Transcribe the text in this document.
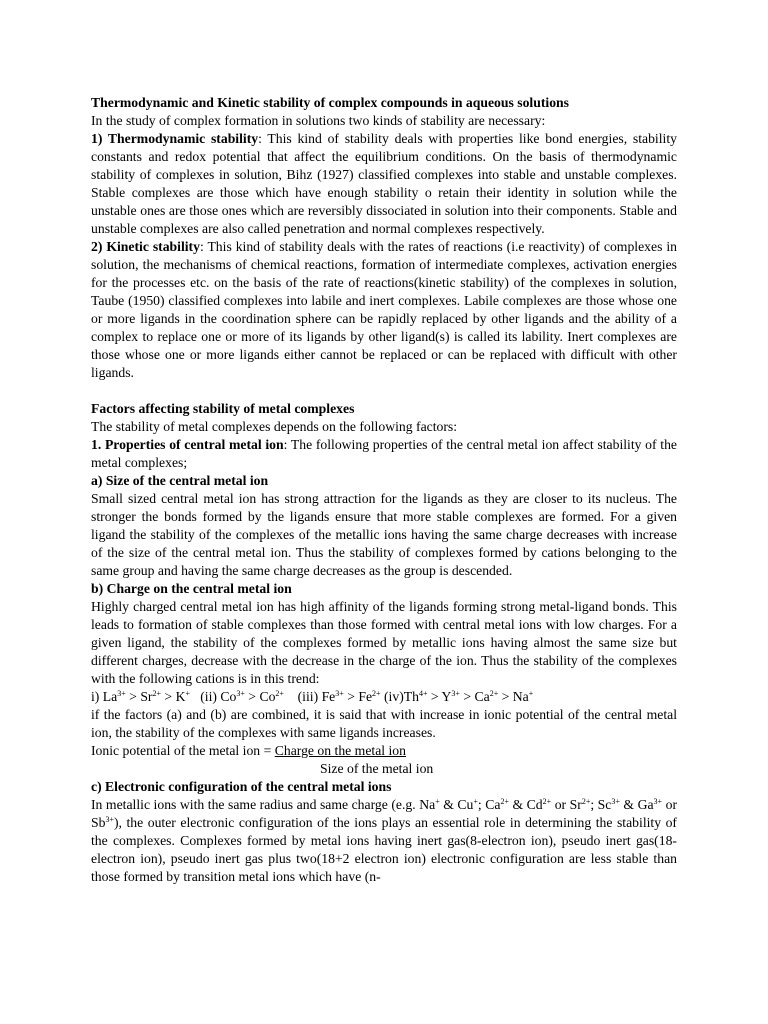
Thermodynamic and Kinetic stability of complex compounds in aqueous solutions

In the study of complex formation in solutions two kinds of stability are necessary:

1) Thermodynamic stability: This kind of stability deals with properties like bond energies, stability constants and redox potential that affect the equilibrium conditions. On the basis of thermodynamic stability of complexes in solution, Bihz (1927) classified complexes into stable and unstable complexes. Stable complexes are those which have enough stability o retain their identity in solution while the unstable ones are those ones which are reversibly dissociated in solution into their components. Stable and unstable complexes are also called penetration and normal complexes respectively.

2) Kinetic stability: This kind of stability deals with the rates of reactions (i.e reactivity) of complexes in solution, the mechanisms of chemical reactions, formation of intermediate complexes, activation energies for the processes etc. on the basis of the rate of reactions(kinetic stability) of the complexes in solution, Taube (1950) classified complexes into labile and inert complexes. Labile complexes are those whose one or more ligands in the coordination sphere can be rapidly replaced by other ligands and the ability of a complex to replace one or more of its ligands by other ligand(s) is called its lability. Inert complexes are those whose one or more ligands either cannot be replaced or can be replaced with difficult with other ligands.

Factors affecting stability of metal complexes

The stability of metal complexes depends on the following factors:

1. Properties of central metal ion: The following properties of the central metal ion affect stability of the metal complexes;

a) Size of the central metal ion

Small sized central metal ion has strong attraction for the ligands as they are closer to its nucleus. The stronger the bonds formed by the ligands ensure that more stable complexes are formed. For a given ligand the stability of the complexes of the metallic ions having the same charge decreases with increase of the size of the central metal ion. Thus the stability of complexes formed by cations belonging to the same group and having the same charge decreases as the group is descended.

b) Charge on the central metal ion

Highly charged central metal ion has high affinity of the ligands forming strong metal-ligand bonds. This leads to formation of stable complexes than those formed with central metal ions with low charges. For a given ligand, the stability of the complexes formed by metallic ions having almost the same size but different charges, decrease with the decrease in the charge of the ion. Thus the stability of the complexes with the following cations is in this trend:

i) $La^{3+} > Sr^{2+} > K^+$   (ii) $Co^{3+} > Co^{2+}$    (iii) $Fe^{3+} > Fe^{2+}$ $(iv)Th^{4+} > Y^{3+} > Ca^{2+} > Na^+$

if the factors (a) and (b) are combined, it is said that with increase in ionic potential of the central metal ion, the stability of the complexes with same ligands increases.

Ionic potential of the metal ion = Charge on the metal ion
Size of the metal ion

c) Electronic configuration of the central metal ions

In metallic ions with the same radius and same charge (e.g. Na+ & Cu+; $Ca^{2+}$ & $Cd^{2+}$ or $Sr^{2+}$; $Sc^{3+}$ & $Ga^{3+}$ or $Sb^{3+}$), the outer electronic configuration of the ions plays an essential role in determining the stability of the complexes. Complexes formed by metal ions having inert gas(8-electron ion), pseudo inert gas(18-electron ion), pseudo inert gas plus two(18+2 electron ion) electronic configuration are less stable than those formed by transition metal ions which have (n-
